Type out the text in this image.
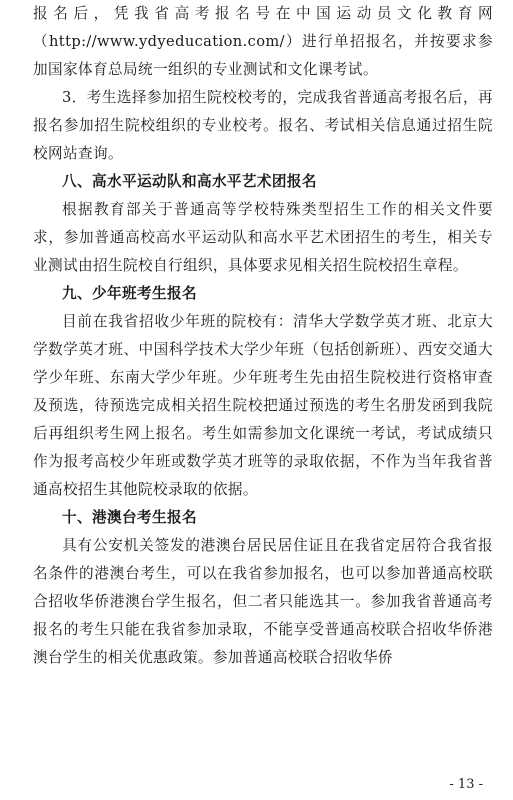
报名后，凭我省高考报名号在中国运动员文化教育网（http://www.ydyeducation.com/）进行单招报名，并按要求参加国家体育总局统一组织的专业测试和文化课考试。

3．考生选择参加招生院校校考的，完成我省普通高考报名后，再报名参加招生院校组织的专业校考。报名、考试相关信息通过招生院校网站查询。

八、高水平运动队和高水平艺术团报名

根据教育部关于普通高等学校特殊类型招生工作的相关文件要求，参加普通高校高水平运动队和高水平艺术团招生的考生，相关专业测试由招生院校自行组织，具体要求见相关招生院校招生章程。

九、少年班考生报名

目前在我省招收少年班的院校有：清华大学数学英才班、北京大学数学英才班、中国科学技术大学少年班（包括创新班）、西安交通大学少年班、东南大学少年班。少年班考生先由招生院校进行资格审查及预选，待预选完成相关招生院校把通过预选的考生名册发函到我院后再组织考生网上报名。考生如需参加文化课统一考试，考试成绩只作为报考高校少年班或数学英才班等的录取依据，不作为当年我省普通高校招生其他院校录取的依据。

十、港澳台考生报名

具有公安机关签发的港澳台居民居住证且在我省定居符合我省报名条件的港澳台考生，可以在我省参加报名，也可以参加普通高校联合招收华侨港澳台学生报名，但二者只能选其一。参加我省普通高考报名的考生只能在我省参加录取，不能享受普通高校联合招收华侨港澳台学生的相关优惠政策。参加普通高校联合招收华侨

- 13 -
